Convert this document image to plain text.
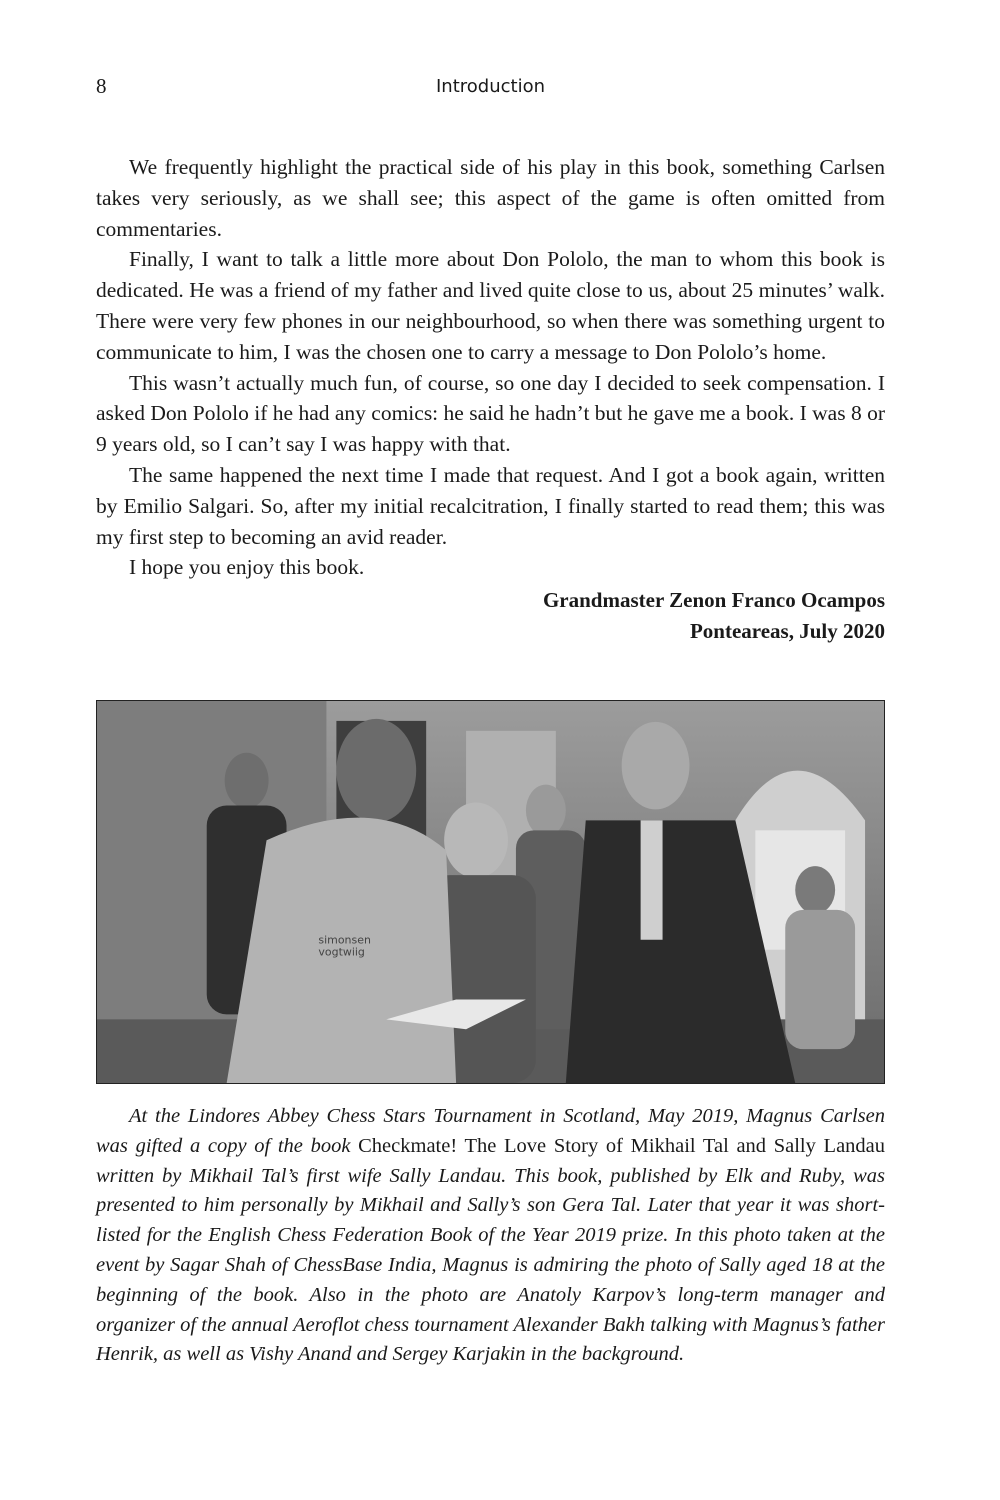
8	Introduction

We frequently highlight the practical side of his play in this book, something Carlsen takes very seriously, as we shall see; this aspect of the game is often omitted from commentaries.

Finally, I want to talk a little more about Don Pololo, the man to whom this book is dedicated. He was a friend of my father and lived quite close to us, about 25 minutes’ walk. There were very few phones in our neighbourhood, so when there was something urgent to communicate to him, I was the chosen one to carry a message to Don Pololo’s home.

This wasn’t actually much fun, of course, so one day I decided to seek compensation. I asked Don Pololo if he had any comics: he said he hadn’t but he gave me a book. I was 8 or 9 years old, so I can’t say I was happy with that.

The same happened the next time I made that request. And I got a book again, written by Emilio Salgari. So, after my initial recalcitration, I finally started to read them; this was my first step to becoming an avid reader.

I hope you enjoy this book.

Grandmaster Zenon Franco Ocampos
Ponteareas, July 2020
simonsen
vogtwiig

At the Lindores Abbey Chess Stars Tournament in Scotland, May 2019, Magnus Carlsen was gifted a copy of the book Checkmate! The Love Story of Mikhail Tal and Sally Landau written by Mikhail Tal’s first wife Sally Landau. This book, published by Elk and Ruby, was presented to him personally by Mikhail and Sally’s son Gera Tal. Later that year it was short-listed for the English Chess Federation Book of the Year 2019 prize. In this photo taken at the event by Sagar Shah of ChessBase India, Magnus is admiring the photo of Sally aged 18 at the beginning of the book. Also in the photo are Anatoly Karpov’s long-term manager and organizer of the annual Aeroflot chess tournament Alexander Bakh talking with Magnus’s father Henrik, as well as Vishy Anand and Sergey Karjakin in the background.
